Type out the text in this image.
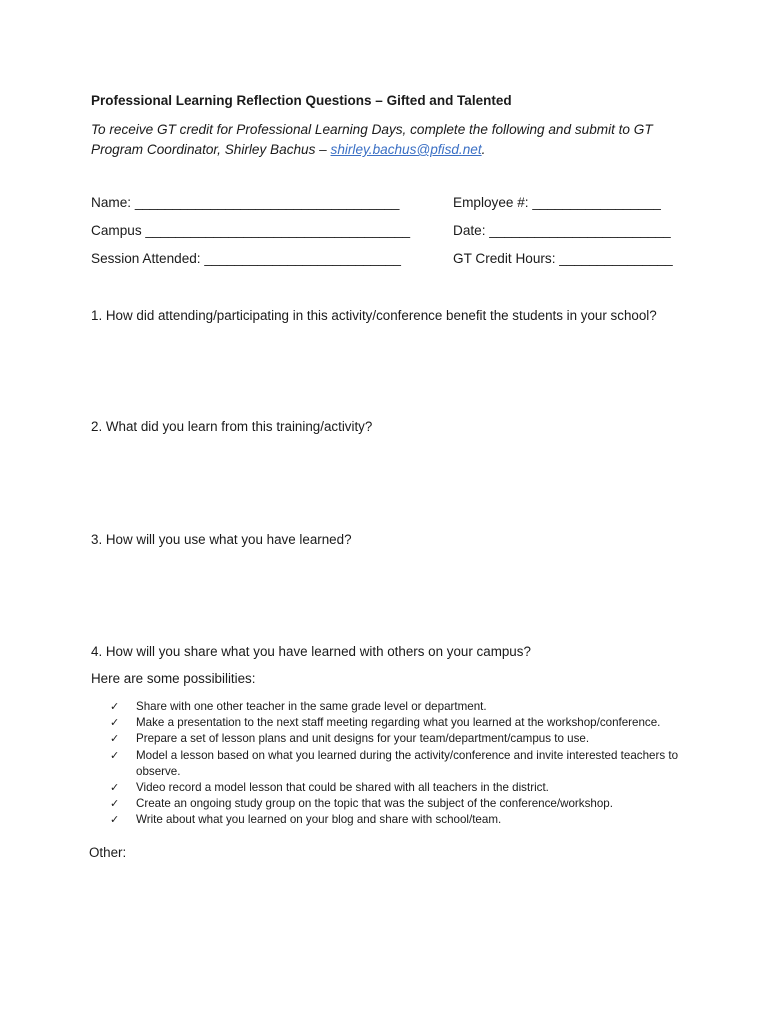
Professional Learning Reflection Questions – Gifted and Talented
To receive GT credit for Professional Learning Days, complete the following and submit to GT Program Coordinator, Shirley Bachus – shirley.bachus@pfisd.net.
Name: ___________________________________	Employee #: _________________
Campus ___________________________________	Date: ________________________
Session Attended: __________________________	GT Credit Hours: _______________
1. How did attending/participating in this activity/conference benefit the students in your school?
2. What did you learn from this training/activity?
3. How will you use what you have learned?
4. How will you share what you have learned with others on your campus?
Here are some possibilities:
✓ Share with one other teacher in the same grade level or department.
✓ Make a presentation to the next staff meeting regarding what you learned at the workshop/conference.
✓ Prepare a set of lesson plans and unit designs for your team/department/campus to use.
✓ Model a lesson based on what you learned during the activity/conference and invite interested teachers to observe.
✓ Video record a model lesson that could be shared with all teachers in the district.
✓ Create an ongoing study group on the topic that was the subject of the conference/workshop.
✓ Write about what you learned on your blog and share with school/team.
Other:
